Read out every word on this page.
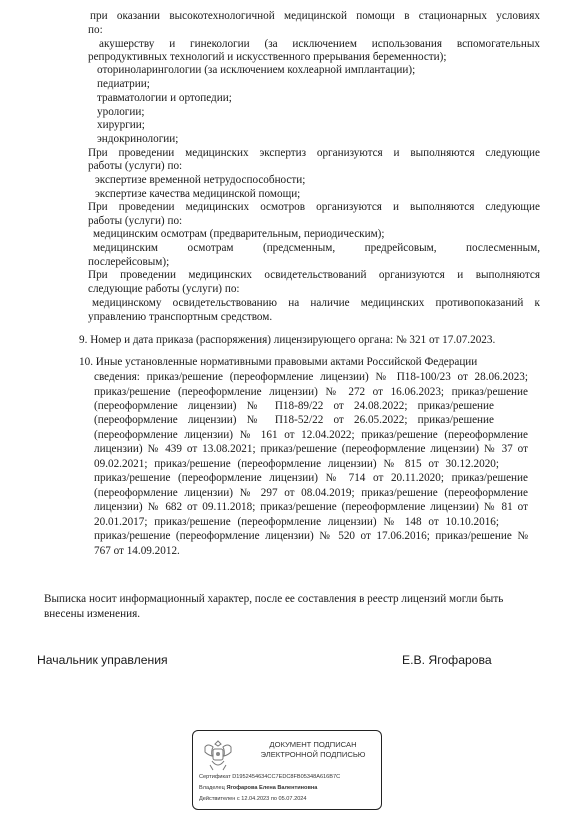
при оказании высокотехнологичной медицинской помощи в стационарных условиях
по:
акушерству и гинекологии (за исключением использования вспомогательных
репродуктивных технологий и искусственного прерывания беременности);
оториноларингологии (за исключением кохлеарной имплантации);
педиатрии;
травматологии и ортопедии;
урологии;
хирургии;
эндокринологии;
При проведении медицинских экспертиз организуются и выполняются следующие
работы (услуги) по:
экспертизе временной нетрудоспособности;
экспертизе качества медицинской помощи;
При проведении медицинских осмотров организуются и выполняются следующие
работы (услуги) по:
медицинским осмотрам (предварительным, периодическим);
медицинским осмотрам (предсменным, предрейсовым, послесменным,
послерейсовым);
При проведении медицинских освидетельствований организуются и выполняются
следующие работы (услуги) по:
медицинскому освидетельствованию на наличие медицинских противопоказаний к
управлению транспортным средством.
9. Номер и дата приказа (распоряжения) лицензирующего органа: № 321 от 17.07.2023.
10. Иные установленные нормативными правовыми актами Российской Федерации
сведения: приказ/решение (переоформление лицензии) № П18-100/23 от 28.06.2023;
приказ/решение (переоформление лицензии) № 272 от 16.06.2023; приказ/решение
(переоформление лицензии) № П18-89/22 от 24.08.2022; приказ/решение
(переоформление лицензии) № П18-52/22 от 26.05.2022; приказ/решение
(переоформление лицензии) № 161 от 12.04.2022; приказ/решение (переоформление
лицензии) № 439 от 13.08.2021; приказ/решение (переоформление лицензии) № 37 от
09.02.2021; приказ/решение (переоформление лицензии) № 815 от 30.12.2020;
приказ/решение (переоформление лицензии) № 714 от 20.11.2020; приказ/решение
(переоформление лицензии) № 297 от 08.04.2019; приказ/решение (переоформление
лицензии) № 682 от 09.11.2018; приказ/решение (переоформление лицензии) № 81 от
20.01.2017; приказ/решение (переоформление лицензии) № 148 от 10.10.2016;
приказ/решение (переоформление лицензии) № 520 от 17.06.2016; приказ/решение №
767 от 14.09.2012.
Выписка носит информационный характер, после ее составления в реестр лицензий могли быть
внесены изменения.
Начальник управления	Е.В. Ягофарова
ДОКУМЕНТ ПОДПИСАН
ЭЛЕКТРОННОЙ ПОДПИСЬЮ
Сертификат D1952454634CC7EDC8FB05348A616B7C
Владелец Ягофарова Елена Валентиновна
Действителен с 12.04.2023 по 05.07.2024
